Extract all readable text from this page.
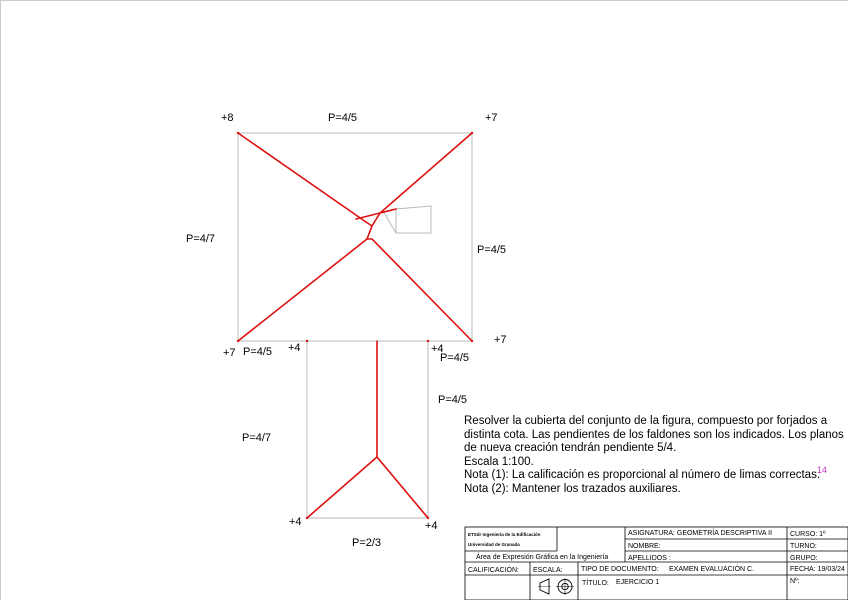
+8	P=4/5	+7
P=4/7
P=4/5
+7
+7 P=4/5 +4	+4
P=4/5
P=4/5
P=4/7
+4	+4
P=2/3
ETSdr Ingeniería de la Edificación
Universidad de Granada
Área de Expresión Gráfica en la Ingeniería
ASIGNATURA: GEOMETRÍA DESCRIPTIVA II	CURSO: 1º
NOMBRE:	TURNO:
APELLIDOS :	GRUPO:
CALIFICACIÓN: ESCALA:	TIPO DE DOCUMENTO: EXAMEN EVALUACIÓN C.	FECHA: 19/03/24
TÍTULO: EJERCICIO 1	Nº:
Resolver la cubierta del conjunto de la figura, compuesto por forjados a
distinta cota. Las pendientes de los faldones son los indicados. Los planos
de nueva creación tendrán pendiente 5/4.
Escala 1:100.
Nota (1): La calificación es proporcional al número de limas correctas.
Nota (2): Mantener los trazados auxiliares.
14
